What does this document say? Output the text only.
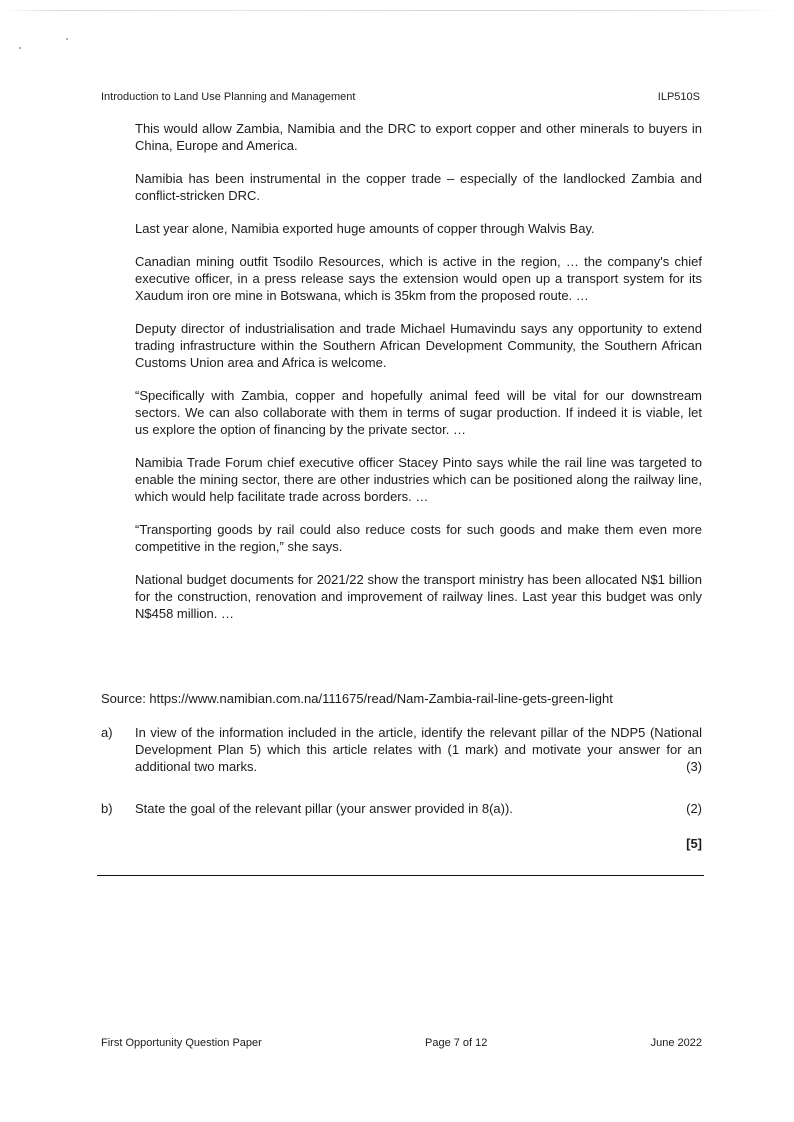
Introduction to Land Use Planning and Management	ILP510S

This would allow Zambia, Namibia and the DRC to export copper and other minerals to buyers in China, Europe and America.

Namibia has been instrumental in the copper trade – especially of the landlocked Zambia and conflict-stricken DRC.

Last year alone, Namibia exported huge amounts of copper through Walvis Bay.

Canadian mining outfit Tsodilo Resources, which is active in the region, … the company's chief executive officer, in a press release says the extension would open up a transport system for its Xaudum iron ore mine in Botswana, which is 35km from the proposed route. …

Deputy director of industrialisation and trade Michael Humavindu says any opportunity to extend trading infrastructure within the Southern African Development Community, the Southern African Customs Union area and Africa is welcome.

“Specifically with Zambia, copper and hopefully animal feed will be vital for our downstream sectors. We can also collaborate with them in terms of sugar production. If indeed it is viable, let us explore the option of financing by the private sector. …

Namibia Trade Forum chief executive officer Stacey Pinto says while the rail line was targeted to enable the mining sector, there are other industries which can be positioned along the railway line, which would help facilitate trade across borders. …

“Transporting goods by rail could also reduce costs for such goods and make them even more competitive in the region,” she says.

National budget documents for 2021/22 show the transport ministry has been allocated N$1 billion for the construction, renovation and improvement of railway lines. Last year this budget was only N$458 million. …

Source: https://www.namibian.com.na/111675/read/Nam-Zambia-rail-line-gets-green-light
a)	In view of the information included in the article, identify the relevant pillar of the NDP5 (National Development Plan 5) which this article relates with (1 mark) and motivate your answer for an additional two marks.	(3)
b)	State the goal of the relevant pillar (your answer provided in 8(a)).	(2)
[5]
First Opportunity Question Paper	Page 7 of 12	June 2022
